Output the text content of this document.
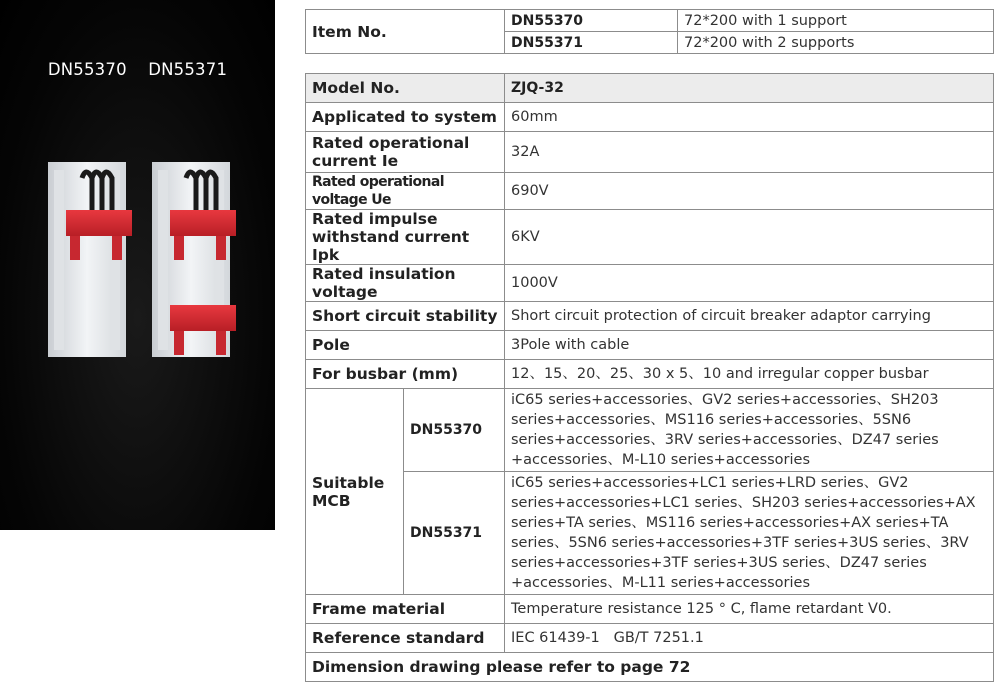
DN55370 DN55371
Item No.	DN55370	72*200 with 1 support
	DN55371	72*200 with 2 supports
Model No.		ZJQ-32
Applicated to system		60mm
Rated operational current Ie		32A
Rated operational voltage Ue		690V
Rated impulse withstand current Ipk		6KV
Rated insulation voltage		1000V
Short circuit stability		Short circuit protection of circuit breaker adaptor carrying
Pole		3Pole with cable
For busbar (mm)		12、15、20、25、30 x 5、10 and irregular copper busbar
Suitable MCB	DN55370	iC65 series+accessories、GV2 series+accessories、SH203 series+accessories、MS116 series+accessories、5SN6 series+accessories、3RV series+accessories、DZ47 series +accessories、M-L10 series+accessories
	DN55371	iC65 series+accessories+LC1 series+LRD series、GV2 series+accessories+LC1 series、SH203 series+accessories+AX series+TA series、MS116 series+accessories+AX series+TA series、5SN6 series+accessories+3TF series+3US series、3RV series+accessories+3TF series+3US series、DZ47 series +accessories、M-L11 series+accessories
Frame material		Temperature resistance 125 ° C, flame retardant V0.
Reference standard		IEC 61439-1   GB/T 7251.1
Dimension drawing please refer to page 72		
